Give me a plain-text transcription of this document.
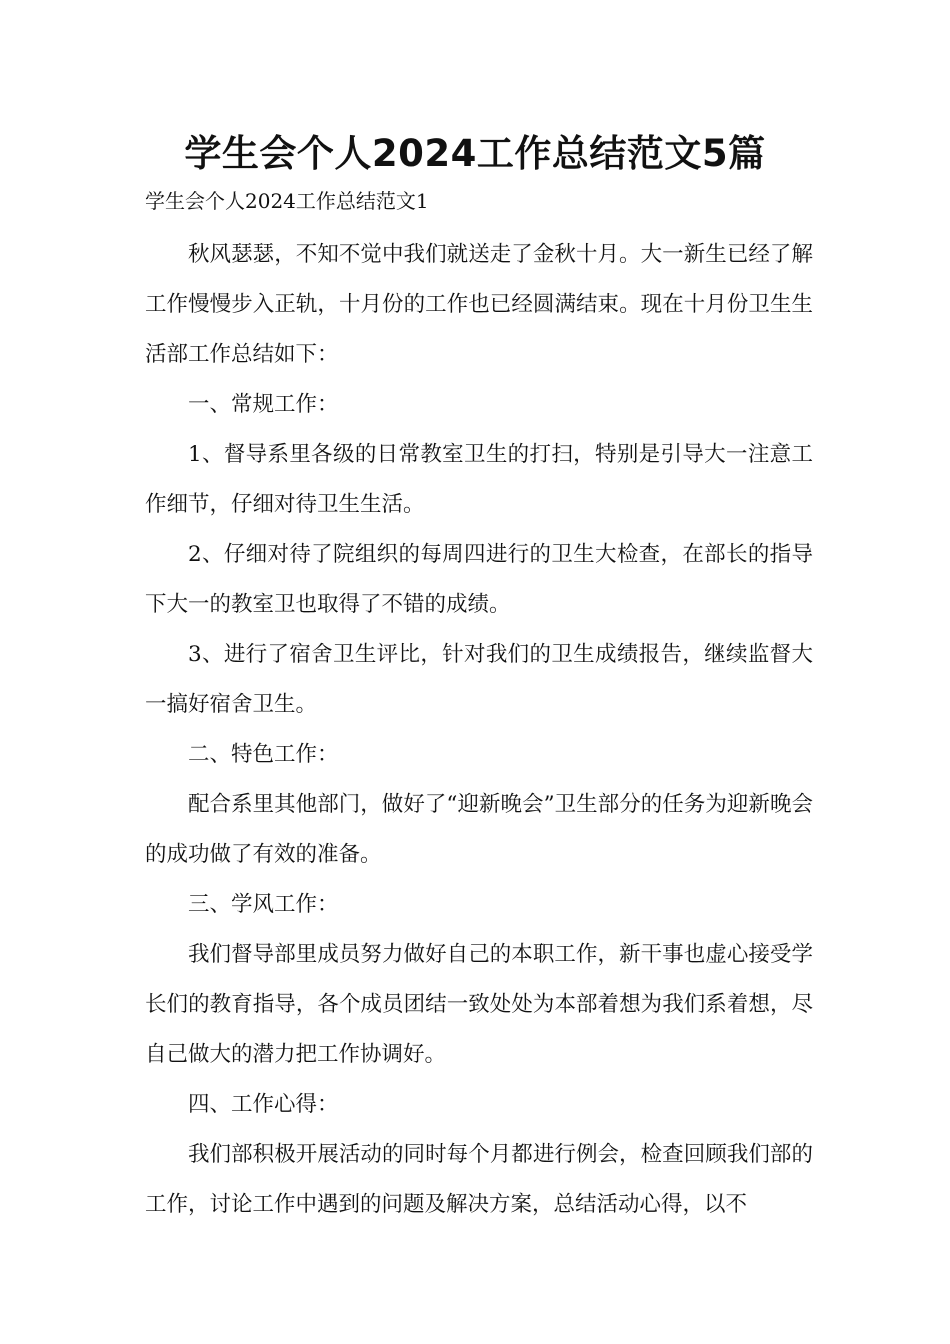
学生会个人2024工作总结范文5篇

学生会个人2024工作总结范文1

秋风瑟瑟，不知不觉中我们就送走了金秋十月。大一新生已经了解工作慢慢步入正轨，十月份的工作也已经圆满结束。现在十月份卫生生活部工作总结如下：

一、常规工作：

1、督导系里各级的日常教室卫生的打扫，特别是引导大一注意工作细节，仔细对待卫生生活。

2、仔细对待了院组织的每周四进行的卫生大检查，在部长的指导下大一的教室卫也取得了不错的成绩。

3、进行了宿舍卫生评比，针对我们的卫生成绩报告，继续监督大一搞好宿舍卫生。

二、特色工作：

配合系里其他部门，做好了“迎新晚会”卫生部分的任务为迎新晚会的成功做了有效的准备。

三、学风工作：

我们督导部里成员努力做好自己的本职工作，新干事也虚心接受学长们的教育指导，各个成员团结一致处处为本部着想为我们系着想，尽自己做大的潜力把工作协调好。

四、工作心得：

我们部积极开展活动的同时每个月都进行例会，检查回顾我们部的工作，讨论工作中遇到的问题及解决方案，总结活动心得，以不
